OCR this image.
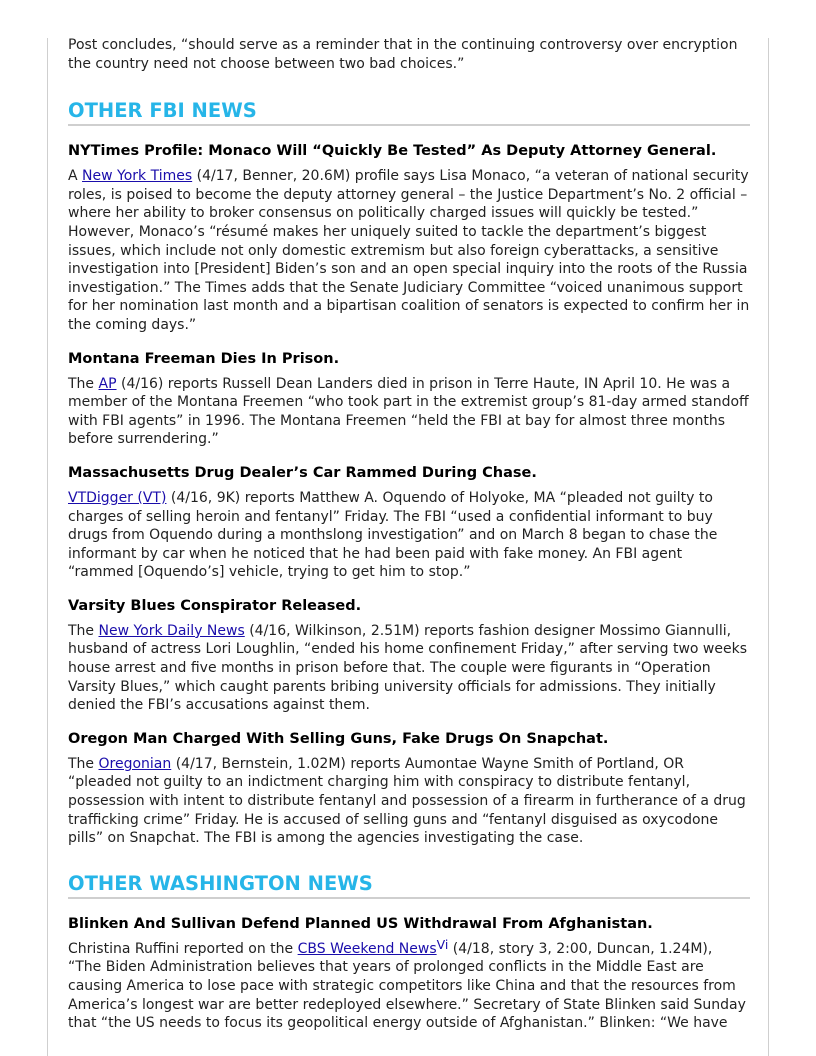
Post concludes, “should serve as a reminder that in the continuing controversy over encryption the country need not choose between two bad choices.”

OTHER FBI NEWS
NYTimes Profile: Monaco Will “Quickly Be Tested” As Deputy Attorney General.

A New York Times (4/17, Benner, 20.6M) profile says Lisa Monaco, “a veteran of national security roles, is poised to become the deputy attorney general – the Justice Department’s No. 2 official – where her ability to broker consensus on politically charged issues will quickly be tested.” However, Monaco’s “résumé makes her uniquely suited to tackle the department’s biggest issues, which include not only domestic extremism but also foreign cyberattacks, a sensitive investigation into [President] Biden’s son and an open special inquiry into the roots of the Russia investigation.” The Times adds that the Senate Judiciary Committee “voiced unanimous support for her nomination last month and a bipartisan coalition of senators is expected to confirm her in the coming days.”

Montana Freeman Dies In Prison.

The AP (4/16) reports Russell Dean Landers died in prison in Terre Haute, IN April 10. He was a member of the Montana Freemen “who took part in the extremist group’s 81-day armed standoff with FBI agents” in 1996. The Montana Freemen “held the FBI at bay for almost three months before surrendering.”

Massachusetts Drug Dealer’s Car Rammed During Chase.

VTDigger (VT) (4/16, 9K) reports Matthew A. Oquendo of Holyoke, MA “pleaded not guilty to charges of selling heroin and fentanyl” Friday. The FBI “used a confidential informant to buy drugs from Oquendo during a monthslong investigation” and on March 8 began to chase the informant by car when he noticed that he had been paid with fake money. An FBI agent “rammed [Oquendo’s] vehicle, trying to get him to stop.”

Varsity Blues Conspirator Released.

The New York Daily News (4/16, Wilkinson, 2.51M) reports fashion designer Mossimo Giannulli, husband of actress Lori Loughlin, “ended his home confinement Friday,” after serving two weeks house arrest and five months in prison before that. The couple were figurants in “Operation Varsity Blues,” which caught parents bribing university officials for admissions. They initially denied the FBI’s accusations against them.

Oregon Man Charged With Selling Guns, Fake Drugs On Snapchat.

The Oregonian (4/17, Bernstein, 1.02M) reports Aumontae Wayne Smith of Portland, OR “pleaded not guilty to an indictment charging him with conspiracy to distribute fentanyl, possession with intent to distribute fentanyl and possession of a firearm in furtherance of a drug trafficking crime” Friday. He is accused of selling guns and “fentanyl disguised as oxycodone pills” on Snapchat. The FBI is among the agencies investigating the case.

OTHER WASHINGTON NEWS
Blinken And Sullivan Defend Planned US Withdrawal From Afghanistan.

Christina Ruffini reported on the CBS Weekend NewsVi (4/18, story 3, 2:00, Duncan, 1.24M), “The Biden Administration believes that years of prolonged conflicts in the Middle East are causing America to lose pace with strategic competitors like China and that the resources from America’s longest war are better redeployed elsewhere.” Secretary of State Blinken said Sunday that “the US needs to focus its geopolitical energy outside of Afghanistan.” Blinken: “We have
